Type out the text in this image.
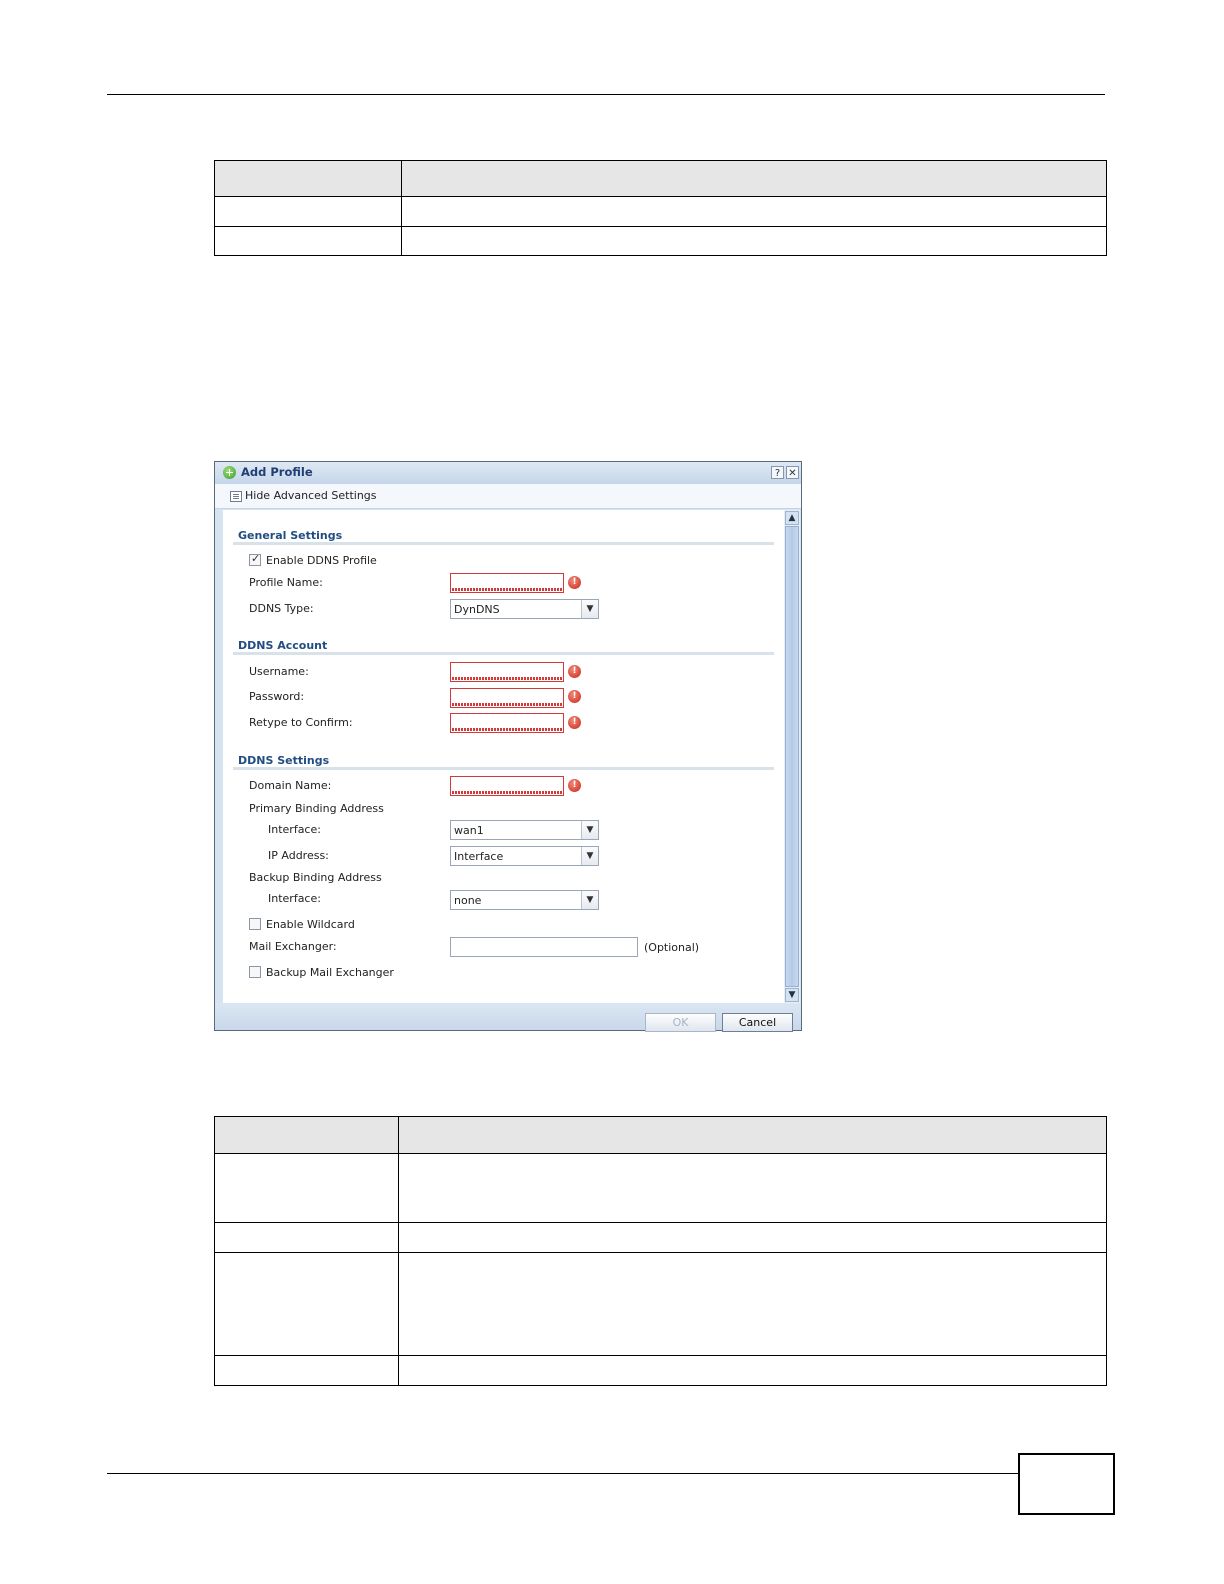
Add Profile	? ✕
Hide Advanced Settings
General Settings
✓
Enable DDNS Profile
Profile Name:	!
DDNS Type:	DynDNS	▼
DDNS Account
Username:	!
Password:	!
Retype to Confirm:	!
DDNS Settings
Domain Name:	!
Primary Binding Address
Interface:	wan1	▼
IP Address:	Interface	▼
Backup Binding Address
Interface:	none	▼
Enable Wildcard
Mail Exchanger:	(Optional)
Backup Mail Exchanger
▲
▼
OK	Cancel
